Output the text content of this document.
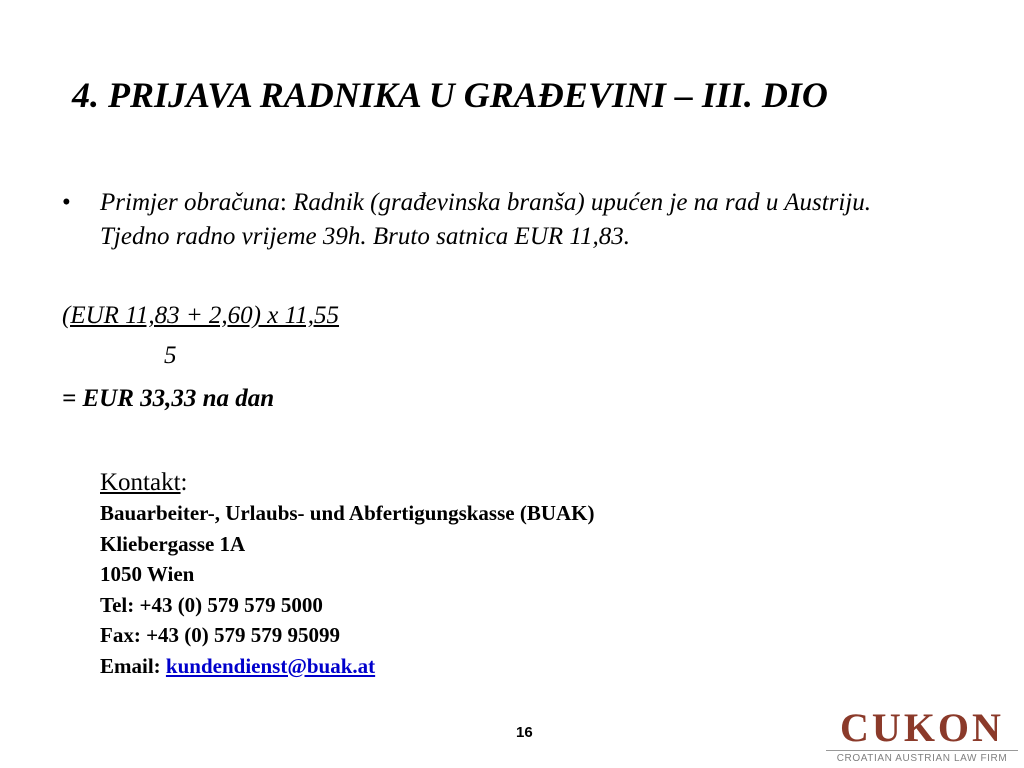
4. PRIJAVA RADNIKA U GRAĐEVINI – III. DIO
• Primjer obračuna: Radnik (građevinska branša) upućen je na rad u Austriju. Tjedno radno vrijeme 39h. Bruto satnica EUR 11,83.
(EUR 11,83 + 2,60) x 11,55
5
= EUR 33,33 na dan
Kontakt:
Bauarbeiter-, Urlaubs- und Abfertigungskasse (BUAK)
Kliebergasse 1A
1050 Wien
Tel: +43 (0) 579 579 5000
Fax: +43 (0) 579 579 95099
Email: kundendienst@buak.at
16	CUKON
CROATIAN AUSTRIAN LAW FIRM
